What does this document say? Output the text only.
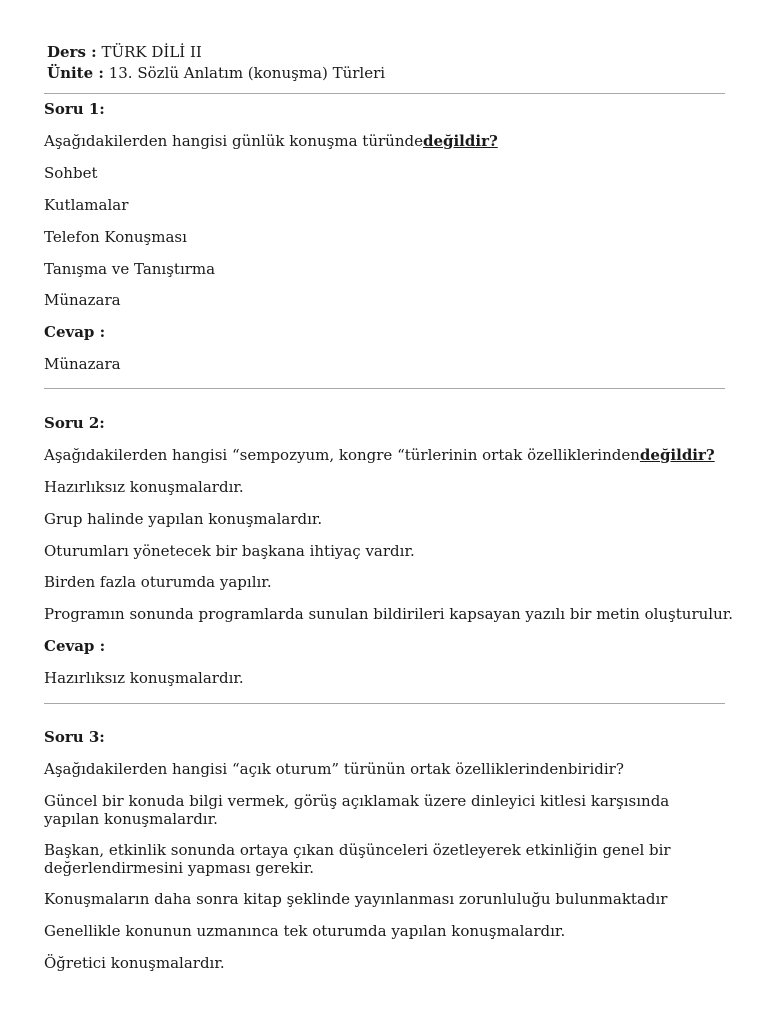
Ders : TÜRK DİLİ II
Ünite : 13. Sözlü Anlatım (konuşma) Türleri
Soru 1:
Aşağıdakilerden hangisi günlük konuşma türündedeğildir?
Sohbet
Kutlamalar
Telefon Konuşması
Tanışma ve Tanıştırma
Münazara
Cevap :
Münazara
Soru 2:
Aşağıdakilerden hangisi “sempozyum, kongre “türlerinin ortak özelliklerindendeğildir?
Hazırlıksız konuşmalardır.
Grup halinde yapılan konuşmalardır.
Oturumları yönetecek bir başkana ihtiyaç vardır.
Birden fazla oturumda yapılır.
Programın sonunda programlarda sunulan bildirileri kapsayan yazılı bir metin oluşturulur.
Cevap :
Hazırlıksız konuşmalardır.
Soru 3:
Aşağıdakilerden hangisi “açık oturum” türünün ortak özelliklerindenbiridir?
Güncel bir konuda bilgi vermek, görüş açıklamak üzere dinleyici kitlesi karşısında yapılan konuşmalardır.
Başkan, etkinlik sonunda ortaya çıkan düşünceleri özetleyerek etkinliğin genel bir değerlendirmesini yapması gerekir.
Konuşmaların daha sonra kitap şeklinde yayınlanması zorunluluğu bulunmaktadır
Genellikle konunun uzmanınca tek oturumda yapılan konuşmalardır.
Öğretici konuşmalardır.
